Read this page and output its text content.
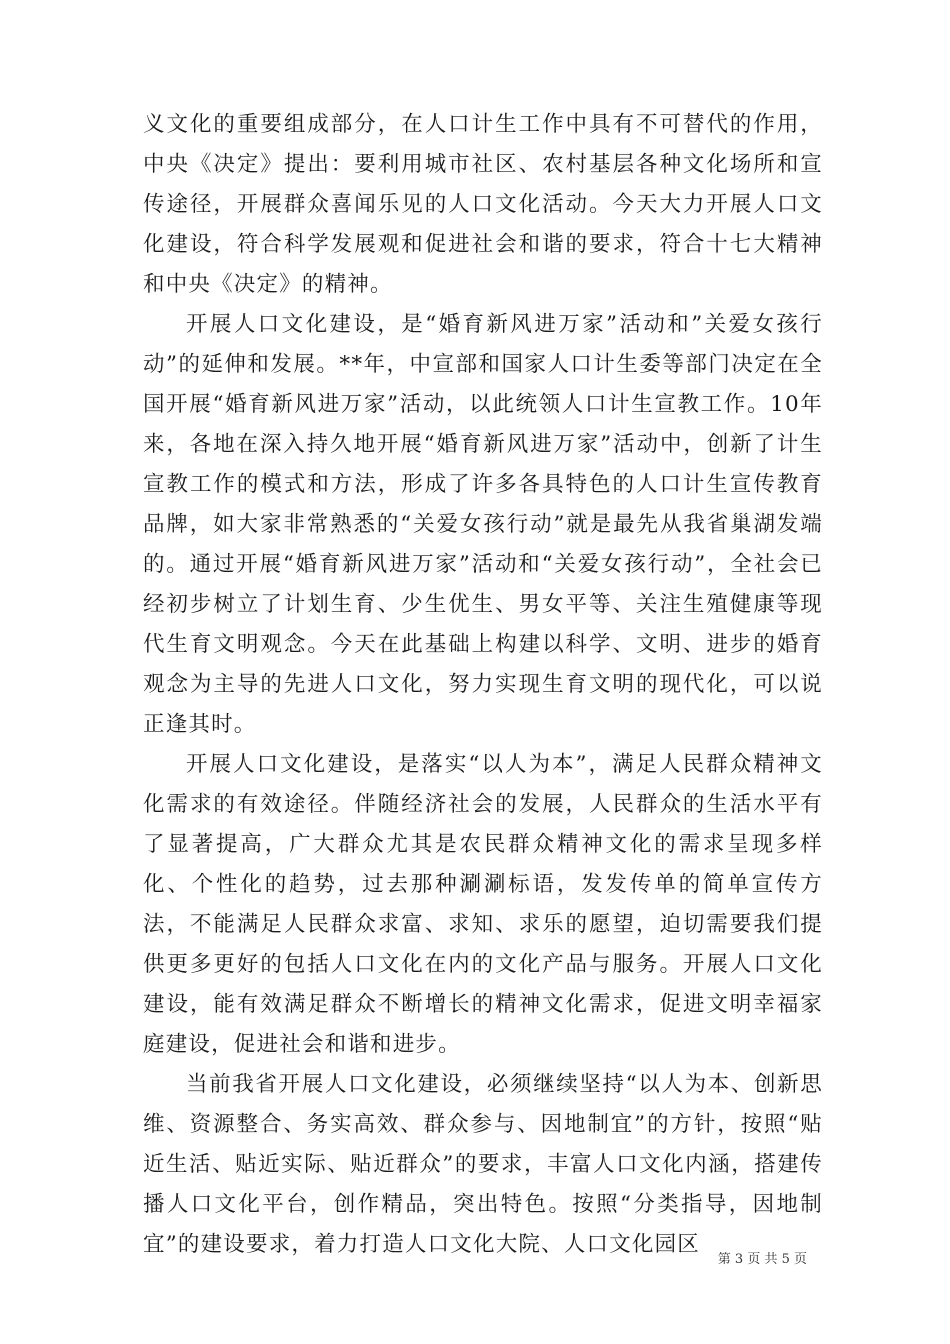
义文化的重要组成部分，在人口计生工作中具有不可替代的作用，中央《决定》提出：要利用城市社区、农村基层各种文化场所和宣传途径，开展群众喜闻乐见的人口文化活动。今天大力开展人口文化建设，符合科学发展观和促进社会和谐的要求，符合十七大精神和中央《决定》的精神。

开展人口文化建设，是“婚育新风进万家”活动和”关爱女孩行动”的延伸和发展。**年，中宣部和国家人口计生委等部门决定在全国开展“婚育新风进万家”活动，以此统领人口计生宣教工作。10年来，各地在深入持久地开展“婚育新风进万家”活动中，创新了计生宣教工作的模式和方法，形成了许多各具特色的人口计生宣传教育品牌，如大家非常熟悉的“关爱女孩行动”就是最先从我省巢湖发端的。通过开展“婚育新风进万家”活动和“关爱女孩行动”，全社会已经初步树立了计划生育、少生优生、男女平等、关注生殖健康等现代生育文明观念。今天在此基础上构建以科学、文明、进步的婚育观念为主导的先进人口文化，努力实现生育文明的现代化，可以说正逢其时。

开展人口文化建设，是落实“以人为本”，满足人民群众精神文化需求的有效途径。伴随经济社会的发展，人民群众的生活水平有了显著提高，广大群众尤其是农民群众精神文化的需求呈现多样化、个性化的趋势，过去那种涮涮标语，发发传单的简单宣传方法，不能满足人民群众求富、求知、求乐的愿望，迫切需要我们提供更多更好的包括人口文化在内的文化产品与服务。开展人口文化建设，能有效满足群众不断增长的精神文化需求，促进文明幸福家庭建设，促进社会和谐和进步。

当前我省开展人口文化建设，必须继续坚持“以人为本、创新思维、资源整合、务实高效、群众参与、因地制宜”的方针，按照“贴近生活、贴近实际、贴近群众”的要求，丰富人口文化内涵，搭建传播人口文化平台，创作精品，突出特色。按照“分类指导，因地制宜”的建设要求，着力打造人口文化大院、人口文化园区

第 3 页 共 5 页
